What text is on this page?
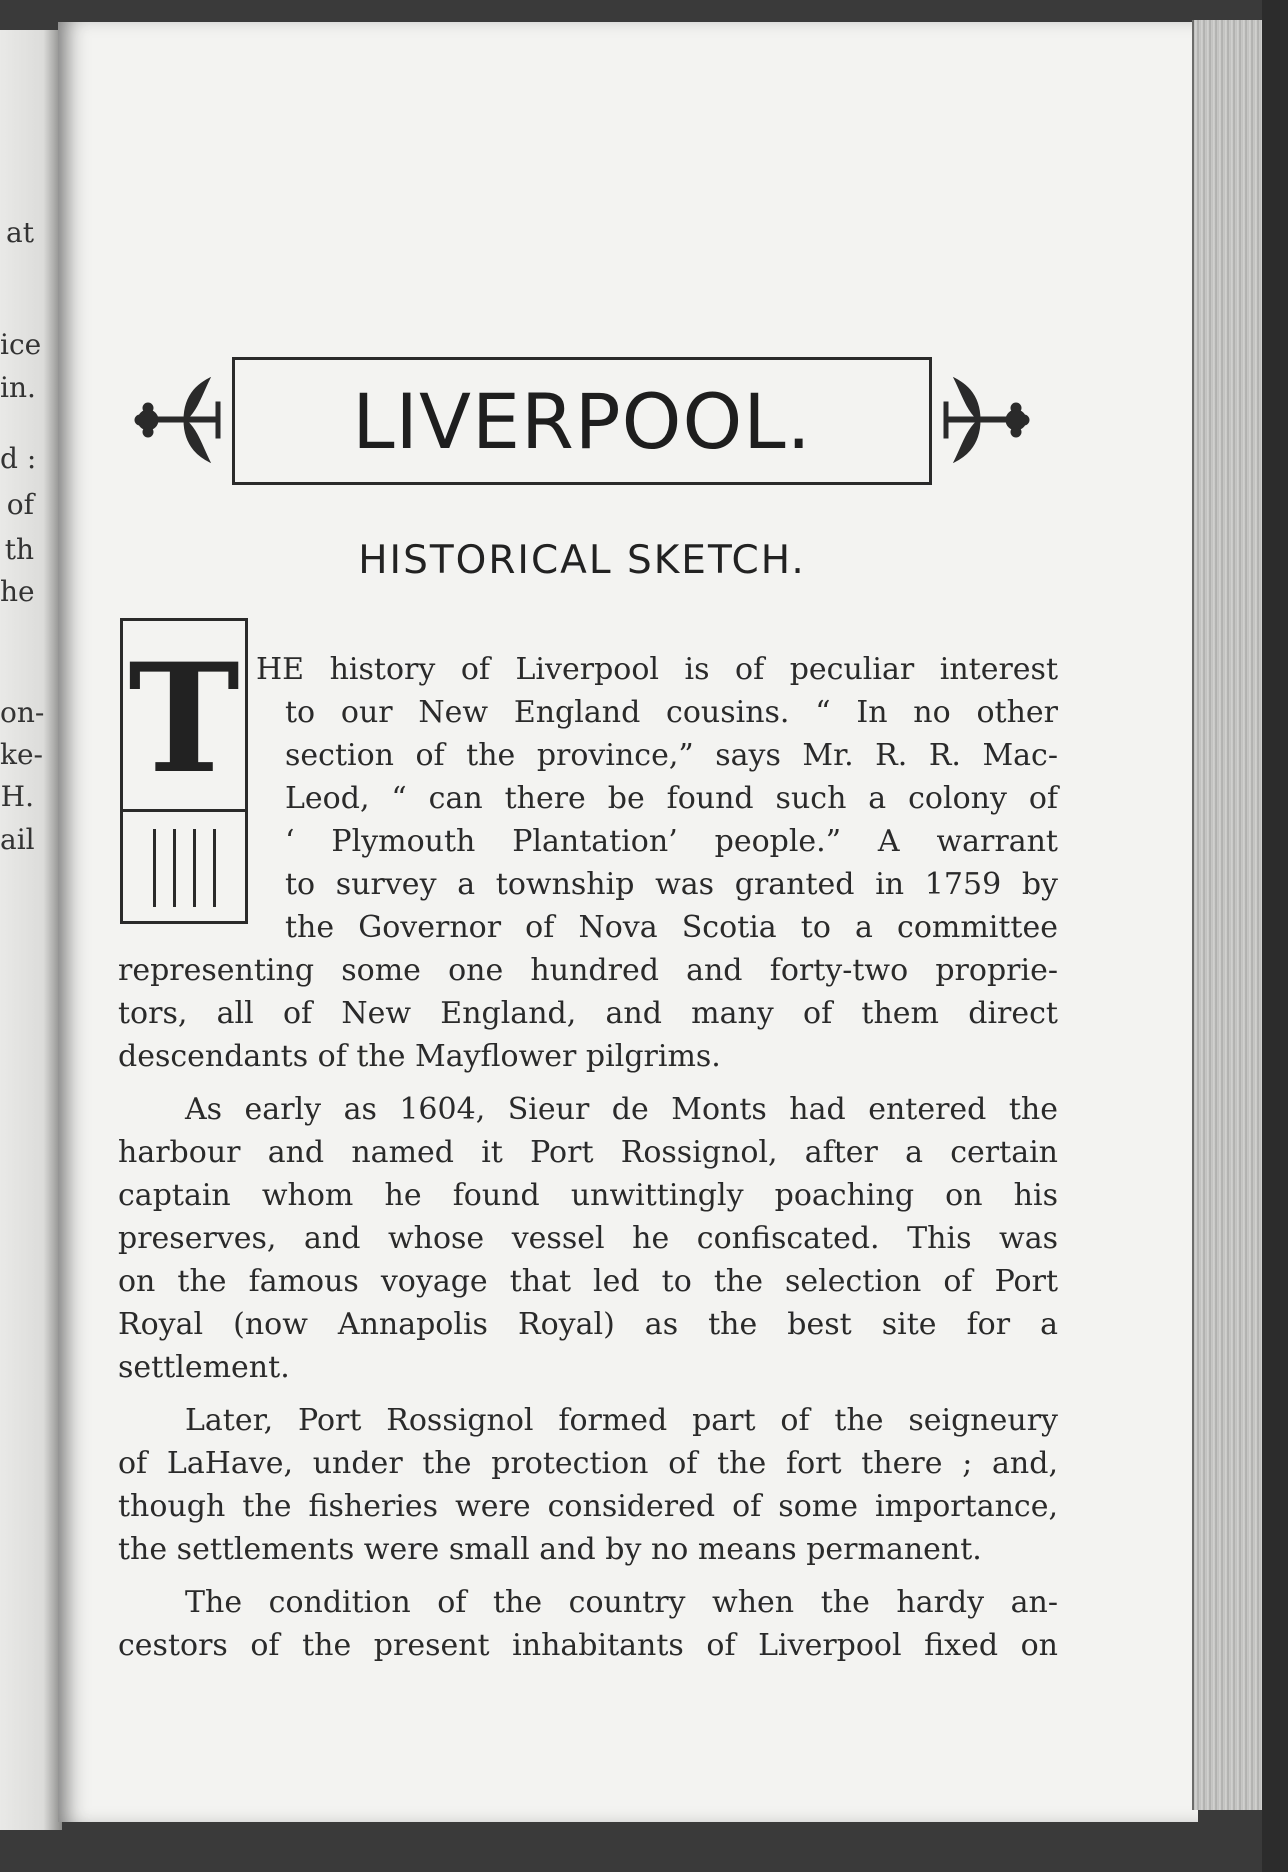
at
ice
in.
d :
of
th
he
on-
ke-
H.
ail
LIVERPOOL.
HISTORICAL SKETCH.
T HE history of Liverpool is of peculiar interest
to our New England cousins. “ In no other
section of the province,” says Mr. R. R. Mac-
Leod, “ can there be found such a colony of
‘ Plymouth Plantation’ people.” A warrant
to survey a township was granted in 1759 by
the Governor of Nova Scotia to a committee
representing some one hundred and forty-two proprie-
tors, all of New England, and many of them direct
descendants of the Mayflower pilgrims.
As early as 1604, Sieur de Monts had entered the
harbour and named it Port Rossignol, after a certain
captain whom he found unwittingly poaching on his
preserves, and whose vessel he confiscated. This was
on the famous voyage that led to the selection of Port
Royal (now Annapolis Royal) as the best site for a
settlement.
Later, Port Rossignol formed part of the seigneury
of LaHave, under the protection of the fort there ; and,
though the fisheries were considered of some importance,
the settlements were small and by no means permanent.
The condition of the country when the hardy an-
cestors of the present inhabitants of Liverpool fixed on
